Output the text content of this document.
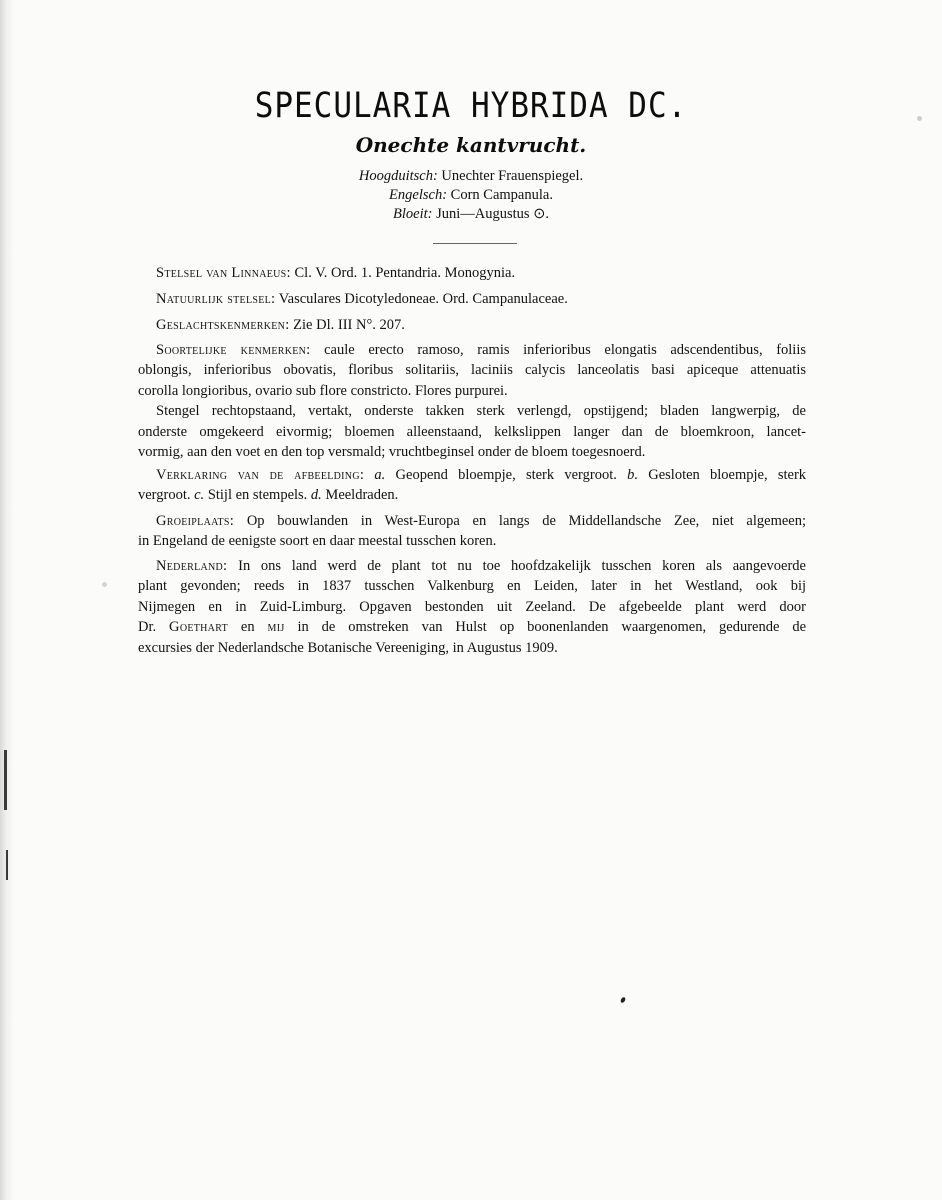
SPECULARIA HYBRIDA DC.
Onechte kantvrucht.
Hoogduitsch: Unechter Frauenspiegel.
Engelsch: Corn Campanula.
Bloeit: Juni—Augustus ⊙.
Stelsel van Linnaeus: Cl. V. Ord. 1. Pentandria. Monogynia.
Natuurlijk stelsel: Vasculares Dicotyledoneae. Ord. Campanulaceae.
Geslachtskenmerken: Zie Dl. III N°. 207.
Soortelijke kenmerken: caule erecto ramoso, ramis inferioribus elongatis adscendentibus, foliis
oblongis, inferioribus obovatis, floribus solitariis, laciniis calycis lanceolatis basi apiceque attenuatis
corolla longioribus, ovario sub flore constricto. Flores purpurei.
Stengel rechtopstaand, vertakt, onderste takken sterk verlengd, opstijgend; bladen langwerpig, de
onderste omgekeerd eivormig; bloemen alleenstaand, kelkslippen langer dan de bloemkroon, lancet-
vormig, aan den voet en den top versmald; vruchtbeginsel onder de bloem toegesnoerd.
Verklaring van de afbeelding: a. Geopend bloempje, sterk vergroot. b. Gesloten bloempje, sterk
vergroot. c. Stijl en stempels. d. Meeldraden.
Groeiplaats: Op bouwlanden in West-Europa en langs de Middellandsche Zee, niet algemeen;
in Engeland de eenigste soort en daar meestal tusschen koren.
Nederland: In ons land werd de plant tot nu toe hoofdzakelijk tusschen koren als aangevoerde
plant gevonden; reeds in 1837 tusschen Valkenburg en Leiden, later in het Westland, ook bij
Nijmegen en in Zuid-Limburg. Opgaven bestonden uit Zeeland. De afgebeelde plant werd door
Dr. Goethart en mij in de omstreken van Hulst op boonenlanden waargenomen, gedurende de
excursies der Nederlandsche Botanische Vereeniging, in Augustus 1909.
